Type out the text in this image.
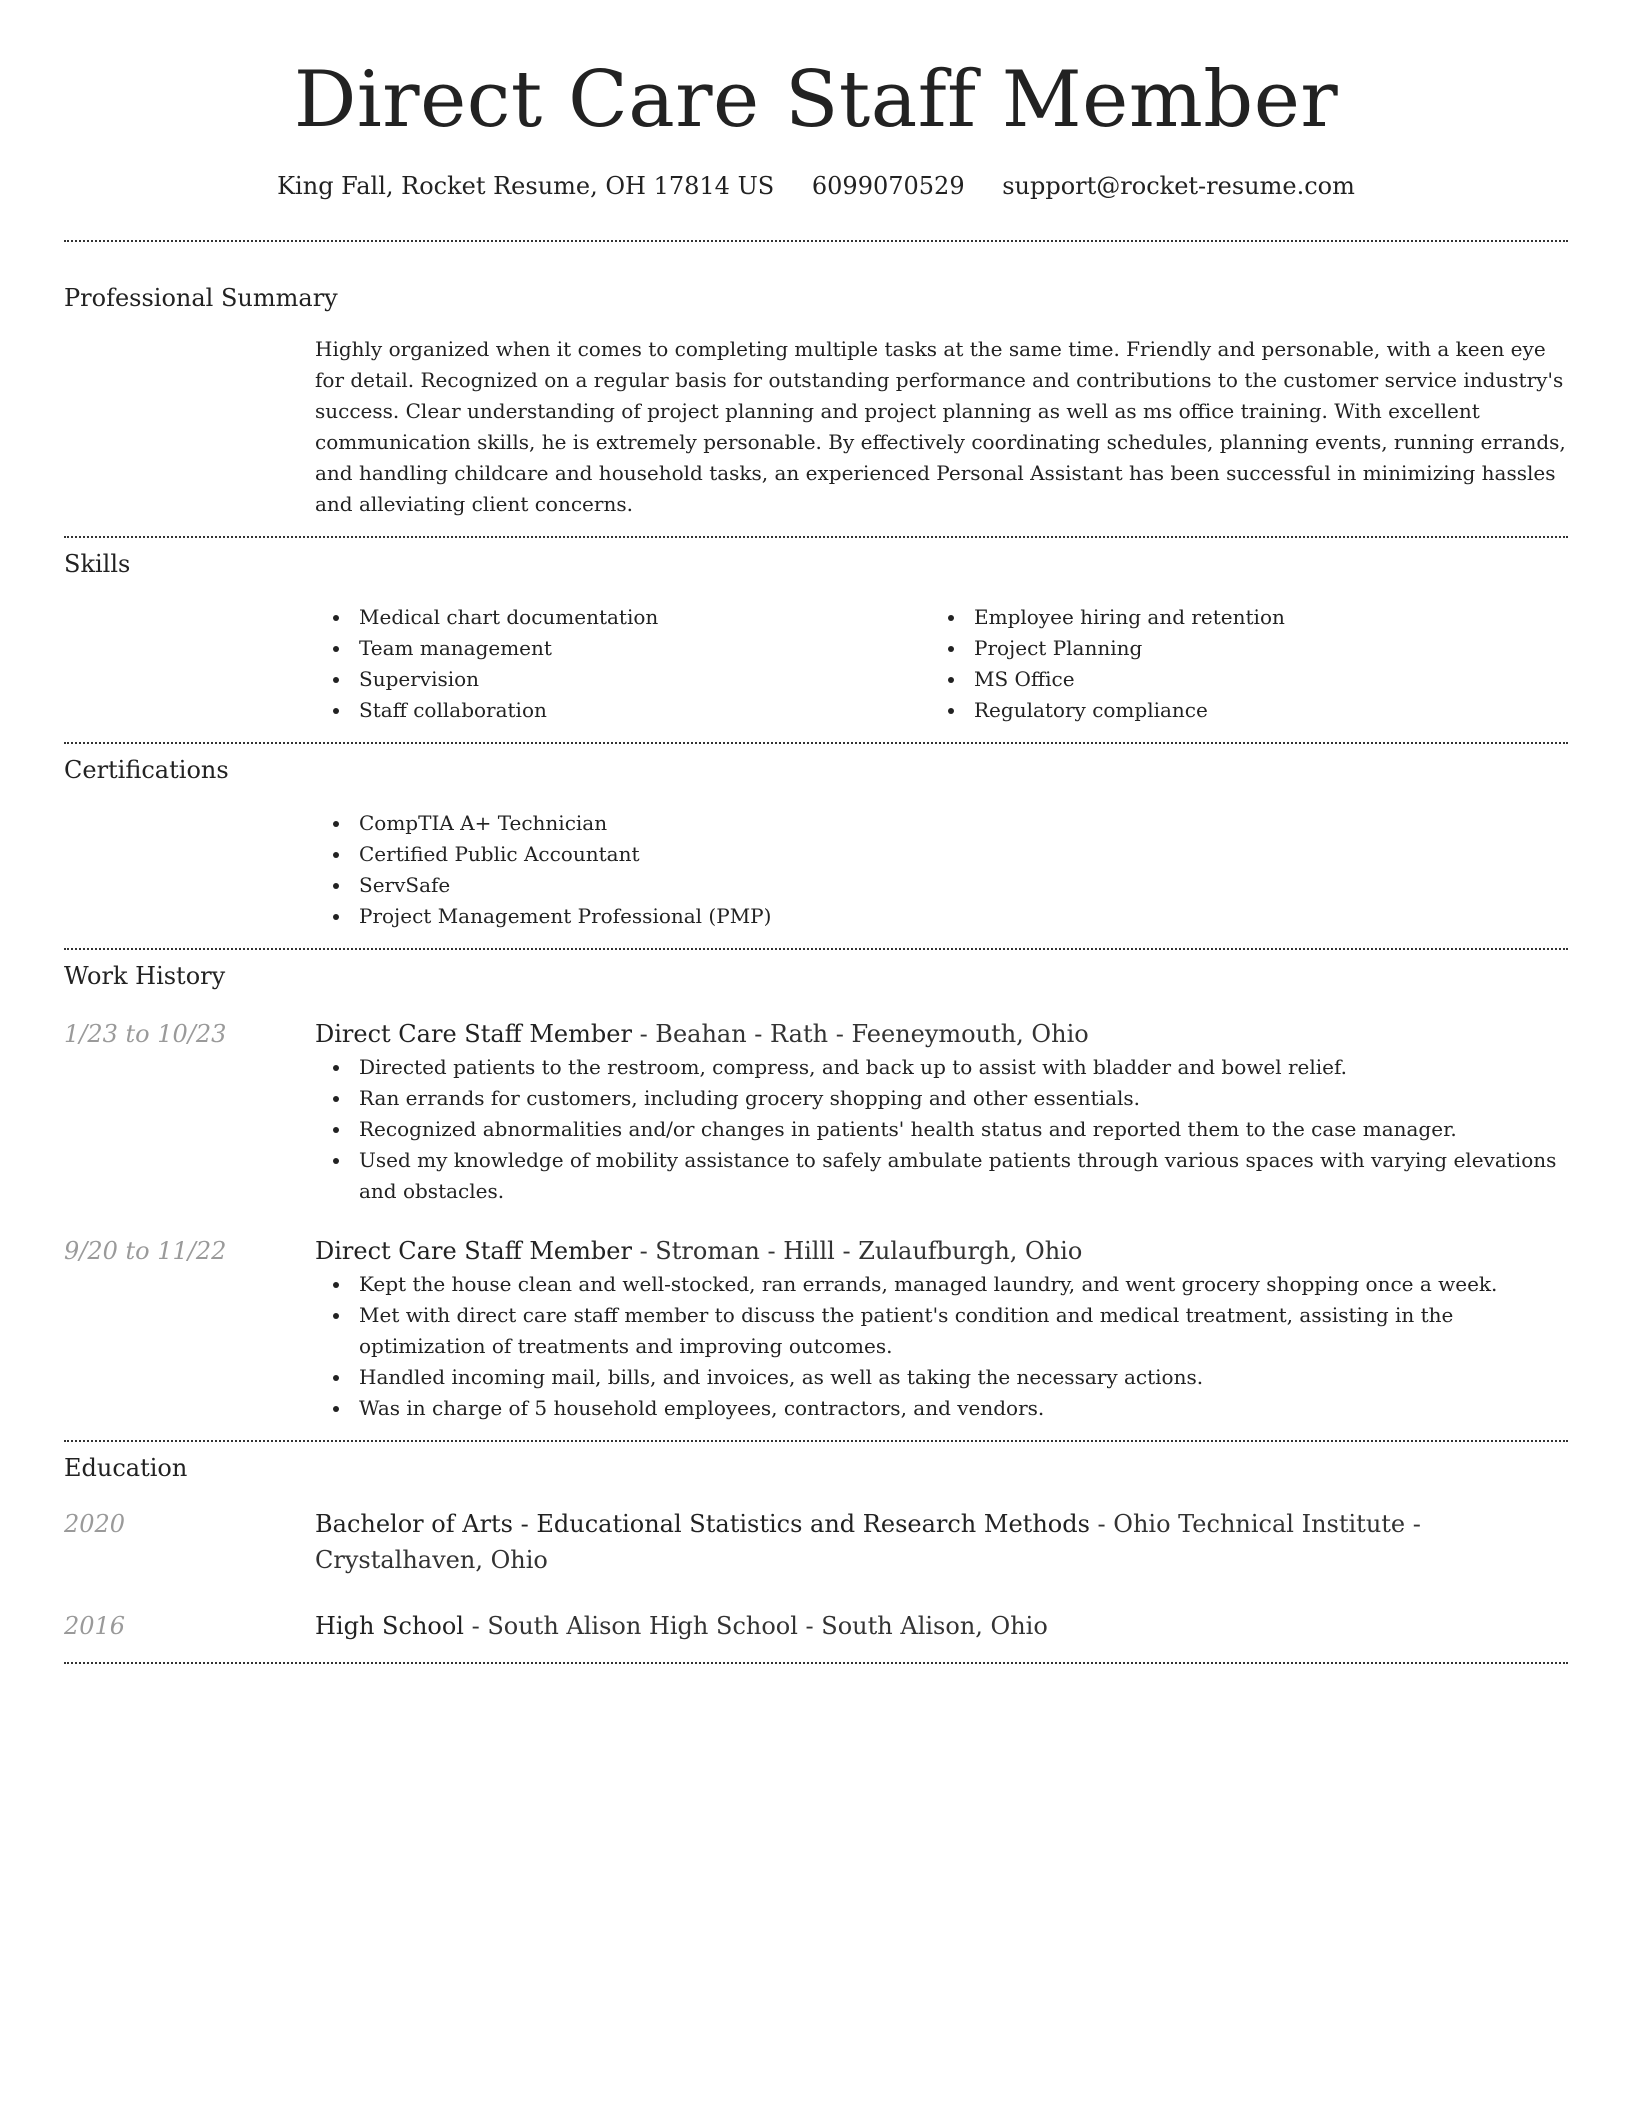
Direct Care Staff Member
King Fall, Rocket Resume, OH 17814 US 6099070529 support@rocket-resume.com
Professional Summary

Highly organized when it comes to completing multiple tasks at the same time. Friendly and personable, with a keen eye for detail. Recognized on a regular basis for outstanding performance and contributions to the customer service industry's success. Clear understanding of project planning and project planning as well as ms office training. With excellent communication skills, he is extremely personable. By effectively coordinating schedules, planning events, running errands, and handling childcare and household tasks, an experienced Personal Assistant has been successful in minimizing hassles and alleviating client concerns.

Skills
Medical chart documentation
Team management
Supervision
Staff collaboration
Employee hiring and retention
Project Planning
MS Office
Regulatory compliance
Certifications
CompTIA A+ Technician
Certified Public Accountant
ServSafe
Project Management Professional (PMP)
Work History
1/23 to 10/23	Direct Care Staff Member - Beahan - Rath - Feeneymouth, Ohio

Directed patients to the restroom, compress, and back up to assist with bladder and bowel relief.
Ran errands for customers, including grocery shopping and other essentials.
Recognized abnormalities and/or changes in patients' health status and reported them to the case manager.
Used my knowledge of mobility assistance to safely ambulate patients through various spaces with varying elevations and obstacles.
9/20 to 11/22	Direct Care Staff Member - Stroman - Hilll - Zulaufburgh, Ohio

Kept the house clean and well-stocked, ran errands, managed laundry, and went grocery shopping once a week.
Met with direct care staff member to discuss the patient's condition and medical treatment, assisting in the optimization of treatments and improving outcomes.
Handled incoming mail, bills, and invoices, as well as taking the necessary actions.
Was in charge of 5 household employees, contractors, and vendors.
Education
2020	Bachelor of Arts - Educational Statistics and Research Methods - Ohio Technical Institute - Crystalhaven, Ohio

2016	High School - South Alison High School - South Alison, Ohio
